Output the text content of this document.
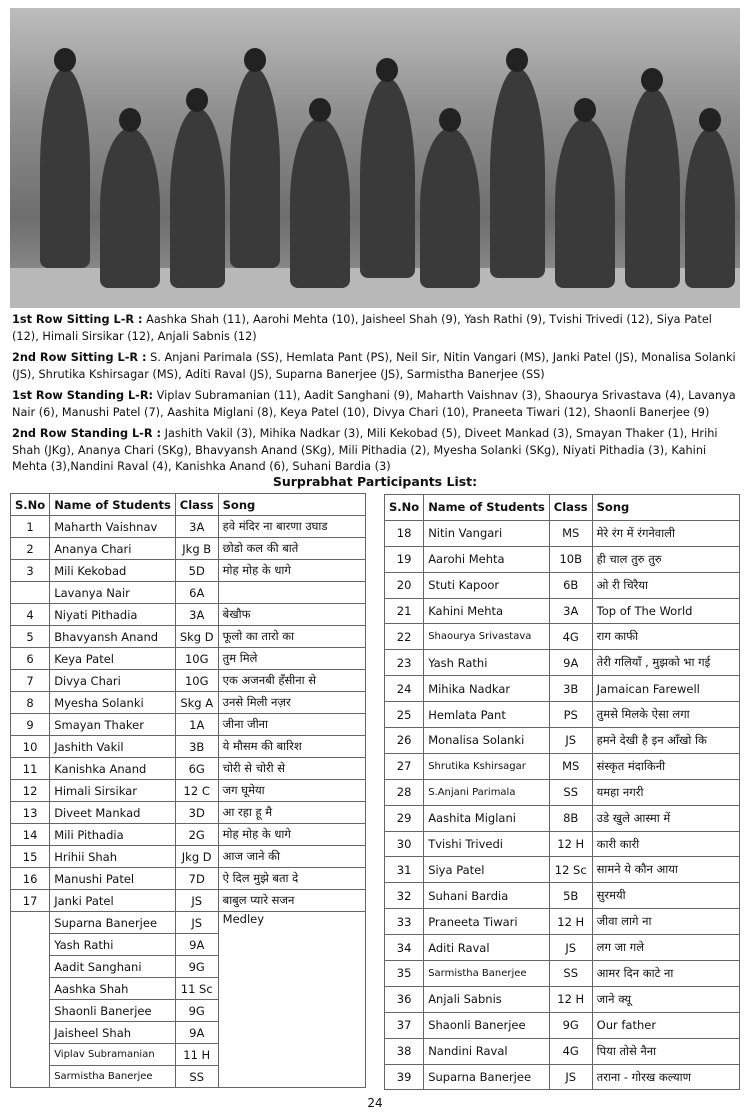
1st Row Sitting L-R : Aashka Shah (11), Aarohi Mehta (10), Jaisheel Shah (9), Yash Rathi (9), Tvishi Trivedi (12), Siya Patel (12), Himali Sirsikar (12), Anjali Sabnis (12)

2nd Row Sitting L-R : S. Anjani Parimala (SS), Hemlata Pant (PS), Neil Sir, Nitin Vangari (MS), Janki Patel (JS), Monalisa Solanki (JS), Shrutika Kshirsagar (MS), Aditi Raval (JS), Suparna Banerjee (JS), Sarmistha Banerjee (SS)

1st Row Standing L-R: Viplav Subramanian (11), Aadit Sanghani (9), Maharth Vaishnav (3), Shaourya Srivastava (4), Lavanya Nair (6), Manushi Patel (7), Aashita Miglani (8), Keya Patel (10), Divya Chari (10), Praneeta Tiwari (12), Shaonli Banerjee (9)

2nd Row Standing L-R : Jashith Vakil (3), Mihika Nadkar (3), Mili Kekobad (5), Diveet Mankad (3), Smayan Thaker (1), Hrihi Shah (JKg), Ananya Chari (SKg), Bhavyansh Anand (SKg), Mili Pithadia (2), Myesha Solanki (SKg), Niyati Pithadia (3), Kahini Mehta (3),Nandini Raval (4), Kanishka Anand (6), Suhani Bardia (3)

Surprabhat Participants List:
S.No	Name of Students	Class	Song
1	Maharth Vaishnav	3A	हवे मंदिर ना बारणा उघाड
2	Ananya Chari	Jkg B	छोडो कल की बाते
3	Mili Kekobad	5D	मोह मोह के धागे
	Lavanya Nair	6A	
4	Niyati Pithadia	3A	बेखौफ
5	Bhavyansh Anand	Skg D	फूलो का तारो का
6	Keya Patel	10G	तुम मिले
7	Divya Chari	10G	एक अजनबी हँसीना से
8	Myesha Solanki	Skg A	उनसे मिली नज़र
9	Smayan Thaker	1A	जीना जीना
10	Jashith Vakil	3B	ये मौसम की बारिश
11	Kanishka Anand	6G	चोरी से चोरी से
12	Himali Sirsikar	12 C	जग घूमेया
13	Diveet Mankad	3D	आ रहा हू मै
14	Mili Pithadia	2G	मोह मोह के धागे
15	Hrihii Shah	Jkg D	आज जाने की
16	Manushi Patel	7D	ऐ दिल मुझे बता दे
17	Janki Patel	JS	बाबुल प्यारे सजन
	Suparna Banerjee	JS	Medley
	Yash Rathi	9A	
	Aadit Sanghani	9G	
	Aashka Shah	11 Sc	
	Shaonli Banerjee	9G	
	Jaisheel Shah	9A	
	Viplav Subramanian	11 H	
	Sarmistha Banerjee	SS	
S.No	Name of Students	Class	Song
18	Nitin Vangari	MS	मेरे रंग में रंगनेवाली
19	Aarohi Mehta	10B	ही चाल तुरु तुरु
20	Stuti Kapoor	6B	ओ री चिरैया
21	Kahini Mehta	3A	Top of The World
22	Shaourya Srivastava	4G	राग काफी
23	Yash Rathi	9A	तेरी गलियाँ , मुझको भा गई
24	Mihika Nadkar	3B	Jamaican Farewell
25	Hemlata Pant	PS	तुमसे मिलके ऐसा लगा
26	Monalisa Solanki	JS	हमने देखी है इन आँखो कि
27	Shrutika Kshirsagar	MS	संस्कृत मंदाकिनी
28	S.Anjani Parimala	SS	यमहा नगरी
29	Aashita Miglani	8B	उडे खुले आस्मा में
30	Tvishi Trivedi	12 H	कारी कारी
31	Siya Patel	12 Sc	सामने ये कौन आया
32	Suhani Bardia	5B	सुरमयी
33	Praneeta Tiwari	12 H	जीवा लागे ना
34	Aditi Raval	JS	लग जा गले
35	Sarmistha Banerjee	SS	आमर दिन काटे ना
36	Anjali Sabnis	12 H	जाने क्यू
37	Shaonli Banerjee	9G	Our father
38	Nandini Raval	4G	पिया तोसे नैना
39	Suparna Banerjee	JS	तराना - गोरख कल्याण
24
